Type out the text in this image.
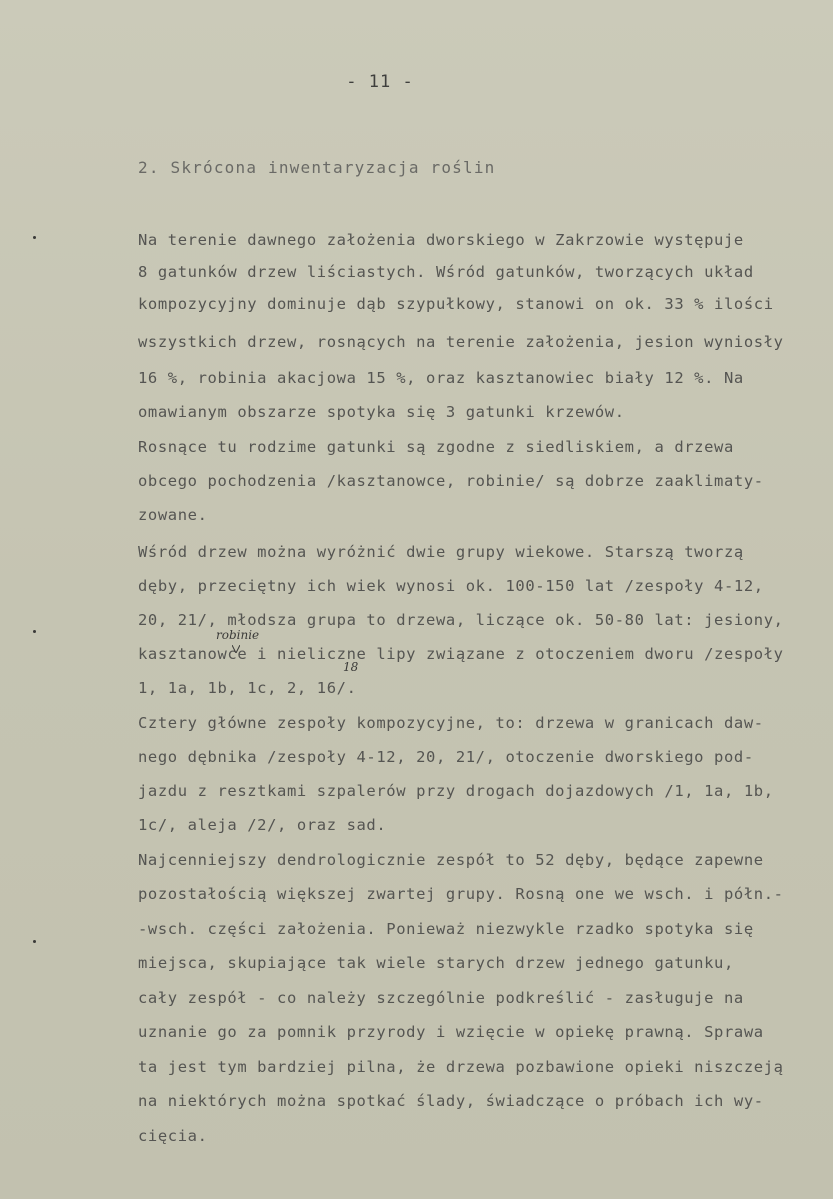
- 11 -
2. Skrócona inwentaryzacja roślin
Na terenie dawnego założenia dworskiego w Zakrzowie występuje
8 gatunków drzew liściastych. Wśród gatunków, tworzących układ
kompozycyjny dominuje dąb szypułkowy, stanowi on ok. 33 % ilości
wszystkich drzew, rosnących na terenie założenia, jesion wyniosły
16 %, robinia akacjowa 15 %, oraz kasztanowiec biały 12 %. Na
omawianym obszarze spotyka się 3 gatunki krzewów.
Rosnące tu rodzime gatunki są zgodne z siedliskiem, a drzewa
obcego pochodzenia /kasztanowce, robinie/ są dobrze zaaklimaty-
zowane.
Wśród drzew można wyróżnić dwie grupy wiekowe. Starszą tworzą
dęby, przeciętny ich wiek wynosi ok. 100-150 lat /zespoły 4-12,
20, 21/, młodsza grupa to drzewa, liczące ok. 50-80 lat: jesiony,
kasztanowce i nieliczne lipy związane z otoczeniem dworu /zespoły
1, 1a, 1b, 1c, 2, 16/.
Cztery główne zespoły kompozycyjne, to: drzewa w granicach daw-
nego dębnika /zespoły 4-12, 20, 21/, otoczenie dworskiego pod-
jazdu z resztkami szpalerów przy drogach dojazdowych /1, 1a, 1b,
1c/, aleja /2/, oraz sad.
Najcenniejszy dendrologicznie zespół to 52 dęby, będące zapewne
pozostałością większej zwartej grupy. Rosną one we wsch. i półn.-
-wsch. części założenia. Ponieważ niezwykle rzadko spotyka się
miejsca, skupiające tak wiele starych drzew jednego gatunku,
cały zespół - co należy szczególnie podkreślić - zasługuje na
uznanie go za pomnik przyrody i wzięcie w opiekę prawną. Sprawa
ta jest tym bardziej pilna, że drzewa pozbawione opieki niszczeją
na niektórych można spotkać ślady, świadczące o próbach ich wy-
cięcia.
robinie
18
